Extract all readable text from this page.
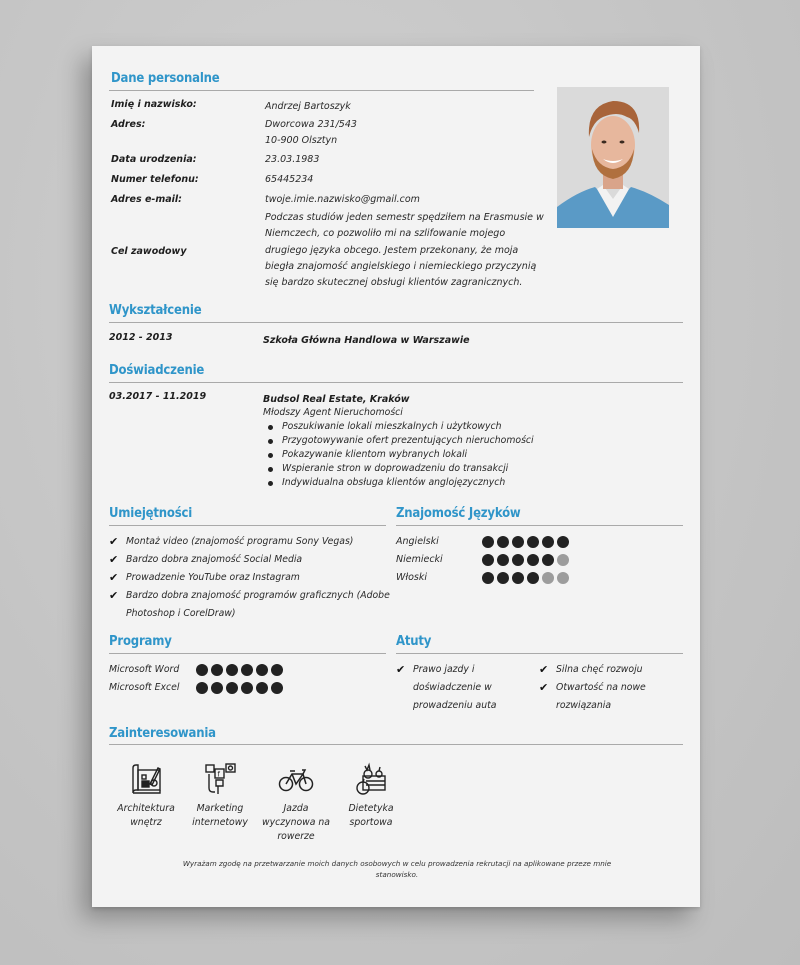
Dane personalne
Imię i nazwisko:	Andrzej Bartoszyk
Adres:	Dworcowa 231/543
10-900 Olsztyn
Data urodzenia:	23.03.1983
Numer telefonu:	65445234
Adres e-mail:	twoje.imie.nazwisko@gmail.com
Cel zawodowy
Podczas studiów jeden semestr spędziłem na Erasmusie w
Niemczech, co pozwoliło mi na szlifowanie mojego
drugiego języka obcego. Jestem przekonany, że moja
biegła znajomość angielskiego i niemieckiego przyczynią
się bardzo skutecznej obsługi klientów zagranicznych.
Wykształcenie
2012 - 2013	Szkoła Główna Handlowa w Warszawie
Doświadczenie
03.2017 - 11.2019	Budsol Real Estate, Kraków
Młodszy Agent Nieruchomości
Poszukiwanie lokali mieszkalnych i użytkowych
Przygotowywanie ofert prezentujących nieruchomości
Pokazywanie klientom wybranych lokali
Wspieranie stron w doprowadzeniu do transakcji
Indywidualna obsługa klientów anglojęzycznych
Umiejętności
✔ Montaż video (znajomość programu Sony Vegas)
✔ Bardzo dobra znajomość Social Media
✔ Prowadzenie YouTube oraz Instagram
✔ Bardzo dobra znajomość programów graficznych (Adobe
Photoshop i CorelDraw)
Znajomość Języków
Angielski
Niemiecki
Włoski
Programy
Microsoft Word
Microsoft Excel
Atuty
✔ Prawo jazdy i
doświadczenie w
prowadzeniu auta
✔ Silna chęć rozwoju
✔ Otwartość na nowe
rozwiązania
Zainteresowania
Architektura
wnętrz
f
Marketing
internetowy
Jazda
wyczynowa na
rowerze
Dietetyka
sportowa
Wyrażam zgodę na przetwarzanie moich danych osobowych w celu prowadzenia rekrutacji na aplikowane przeze mnie
stanowisko.
